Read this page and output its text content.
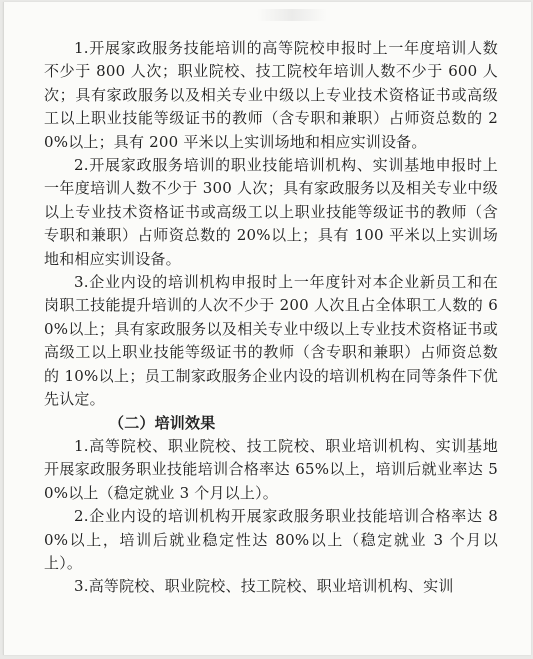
1.开展家政服务技能培训的高等院校申报时上一年度培训人数不少于 800 人次；职业院校、技工院校年培训人数不少于 600 人次；具有家政服务以及相关专业中级以上专业技术资格证书或高级工以上职业技能等级证书的教师（含专职和兼职）占师资总数的 20%以上；具有 200 平米以上实训场地和相应实训设备。

2.开展家政服务培训的职业技能培训机构、实训基地申报时上一年度培训人数不少于 300 人次；具有家政服务以及相关专业中级以上专业技术资格证书或高级工以上职业技能等级证书的教师（含专职和兼职）占师资总数的 20%以上；具有 100 平米以上实训场地和相应实训设备。

3.企业内设的培训机构申报时上一年度针对本企业新员工和在岗职工技能提升培训的人次不少于 200 人次且占全体职工人数的 60%以上；具有家政服务以及相关专业中级以上专业技术资格证书或高级工以上职业技能等级证书的教师（含专职和兼职）占师资总数的 10%以上；员工制家政服务企业内设的培训机构在同等条件下优先认定。

（二）培训效果

1.高等院校、职业院校、技工院校、职业培训机构、实训基地开展家政服务职业技能培训合格率达 65%以上，培训后就业率达 50%以上（稳定就业 3 个月以上）。

2.企业内设的培训机构开展家政服务职业技能培训合格率达 80%以上，培训后就业稳定性达 80%以上（稳定就业 3 个月以上）。

3.高等院校、职业院校、技工院校、职业培训机构、实训
